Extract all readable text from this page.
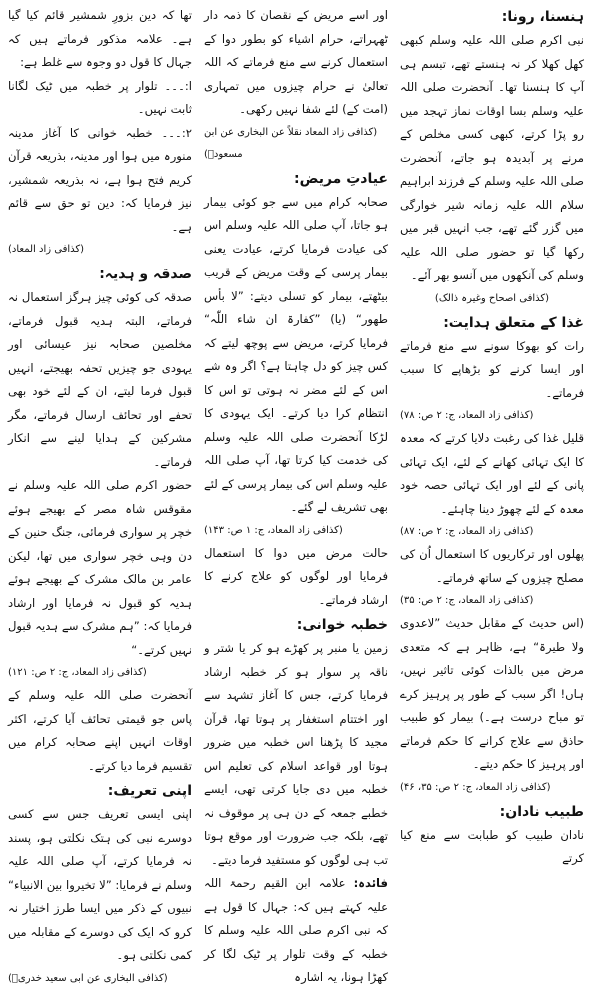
ہنسنا، رونا:

نبی اکرم صلی اللہ علیہ وسلم کبھی کھل کھلا کر نہ ہنستے تھے، تبسم ہی آپ کا ہنسنا تھا۔ آنحضرت صلی اللہ علیہ وسلم بسا اوقات نماز تہجد میں رو پڑا کرتے، کبھی کسی مخلص کے مرنے پر آبدیدہ ہو جاتے، آنحضرت صلی اللہ علیہ وسلم کے فرزند ابراہیم سلام اللہ علیہ زمانہ شیر خوارگی میں گزر گئے تھے، جب انہیں قبر میں رکھا گیا تو حضور صلی اللہ علیہ وسلم کی آنکھوں میں آنسو بھر آئے۔

(کذافی اصحاح وغیرہ ذالک)

غذا کے متعلق ہدایت:

رات کو بھوکا سونے سے منع فرماتے اور ایسا کرنے کو بڑھاپے کا سبب فرماتے۔

(کذافی زاد المعاد، ج: ۲ ص: ۷۸)

قلیل غذا کی رغبت دلایا کرتے کہ معدہ کا ایک تہائی کھانے کے لئے، ایک تہائی پانی کے لئے اور ایک تہائی حصہ خود معدہ کے لئے چھوڑ دینا چاہئے۔

(کذافی زاد المعاد، ج: ۲ ص: ۸۷)

پھلوں اور ترکاریوں کا استعمال اُن کی مصلح چیزوں کے ساتھ فرماتے۔

(کذافی زاد المعاد، ج: ۲ ص: ۳۵)

(اس حدیث کے مقابل حدیث ”لاعدوی ولا طیرۃ“ ہے، ظاہر ہے کہ متعدی مرض میں بالذات کوئی تاثیر نہیں، ہاں! اگر سبب کے طور پر پرہیز کرے تو مباح درست ہے۔) بیمار کو طبیب حاذق سے علاج کرانے کا حکم فرماتے اور پرہیز کا حکم دیتے۔

(کذافی زاد المعاد، ج: ۲ ص: ۳۵، ۴۶)

طبیب نادان:

نادان طبیب کو طبابت سے منع کیا کرتے

اور اسے مریض کے نقصان کا ذمہ دار ٹھہراتے، حرام اشیاء کو بطور دوا کے استعمال کرنے سے منع فرماتے کہ اللہ تعالیٰ نے حرام چیزوں میں تمہاری (امت کے) لئے شفا نہیں رکھی۔

(کذافی زاد المعاد نقلاً عن البخاری عن ابن مسعودؓ)

عیادتِ مریض:

صحابہ کرام میں سے جو کوئی بیمار ہو جاتا، آپ صلی اللہ علیہ وسلم اس کی عیادت فرمایا کرتے، عیادت یعنی بیمار پرسی کے وقت مریض کے قریب بیٹھتے، بیمار کو تسلی دیتے: ”لا بأس طھور“ (یا) ”کفارۃ ان شاء اللّٰہ“ فرمایا کرتے، مریض سے پوچھ لیتے کہ کس چیز کو دل چاہتا ہے؟ اگر وہ شے اس کے لئے مضر نہ ہوتی تو اس کا انتظام کرا دیا کرتے۔ ایک یہودی کا لڑکا آنحضرت صلی اللہ علیہ وسلم کی خدمت کیا کرتا تھا، آپ صلی اللہ علیہ وسلم اس کی بیمار پرسی کے لئے بھی تشریف لے گئے۔

(کذافی زاد المعاد، ج: ۱ ص: ۱۴۳)

حالت مرض میں دوا کا استعمال فرمایا اور لوگوں کو علاج کرنے کا ارشاد فرماتے۔

خطبہ خوانی:

زمین یا منبر پر کھڑے ہو کر یا شتر و ناقہ پر سوار ہو کر خطبہ ارشاد فرمایا کرتے، جس کا آغاز تشہد سے اور اختتام استغفار پر ہوتا تھا، قرآن مجید کا پڑھنا اس خطبہ میں ضرور ہوتا اور قواعد اسلام کی تعلیم اس خطبہ میں دی جایا کرتی تھی، ایسے خطبے جمعہ کے دن ہی پر موقوف نہ تھے، بلکہ جب ضرورت اور موقع ہوتا تب ہی لوگوں کو مستفید فرما دیتے۔

فائدہ: علامہ ابن القیم رحمۃ اللہ علیہ کہتے ہیں کہ: جہال کا قول ہے کہ نبی اکرم صلی اللہ علیہ وسلم کا خطبہ کے وقت تلوار پر ٹیک لگا کر کھڑا ہونا، یہ اشارہ

تھا کہ دین بزورِ شمشیر قائم کیا گیا ہے۔ علامہ مذکور فرماتے ہیں کہ جہال کا قول دو وجوہ سے غلط ہے:

ا:۔۔۔ تلوار پر خطبہ میں ٹیک لگانا ثابت نہیں۔

۲:۔۔۔ خطبہ خوانی کا آغاز مدینہ منورہ میں ہوا اور مدینہ، بذریعہ قرآن کریم فتح ہوا ہے، نہ بذریعہ شمشیر، نیز فرمایا کہ: دین تو حق سے قائم ہے۔

(کذافی زاد المعاد)

صدقہ و ہدیہ:

صدقہ کی کوئی چیز ہرگز استعمال نہ فرماتے، البتہ ہدیہ قبول فرماتے، مخلصین صحابہ نیز عیسائی اور یہودی جو چیزیں تحفہ بھیجتے، انہیں قبول فرما لیتے، ان کے لئے خود بھی تحفے اور تحائف ارسال فرماتے، مگر مشرکین کے ہدایا لینے سے انکار فرماتے۔

حضور اکرم صلی اللہ علیہ وسلم نے مقوقس شاہ مصر کے بھیجے ہوئے خچر پر سواری فرمائی، جنگ حنین کے دن وہی خچر سواری میں تھا، لیکن عامر بن مالک مشرک کے بھیجے ہوئے ہدیہ کو قبول نہ فرمایا اور ارشاد فرمایا کہ: ”ہم مشرک سے ہدیہ قبول نہیں کرتے۔“

(کذافی زاد المعاد، ج: ۲ ص: ۱۲۱)

آنحضرت صلی اللہ علیہ وسلم کے پاس جو قیمتی تحائف آیا کرتے، اکثر اوقات انہیں اپنے صحابہ کرام میں تقسیم فرما دیا کرتے۔

اپنی تعریف:

اپنی ایسی تعریف جس سے کسی دوسرے نبی کی ہتک نکلتی ہو، پسند نہ فرمایا کرتے، آپ صلی اللہ علیہ وسلم نے فرمایا: ”لا تخیروا بین الانبیاء“ نبیوں کے ذکر میں ایسا طرز اختیار نہ کرو کہ ایک کی دوسرے کے مقابلہ میں کمی نکلتی ہو۔

(کذافی البخاری عن ابی سعید خدریؓ)
